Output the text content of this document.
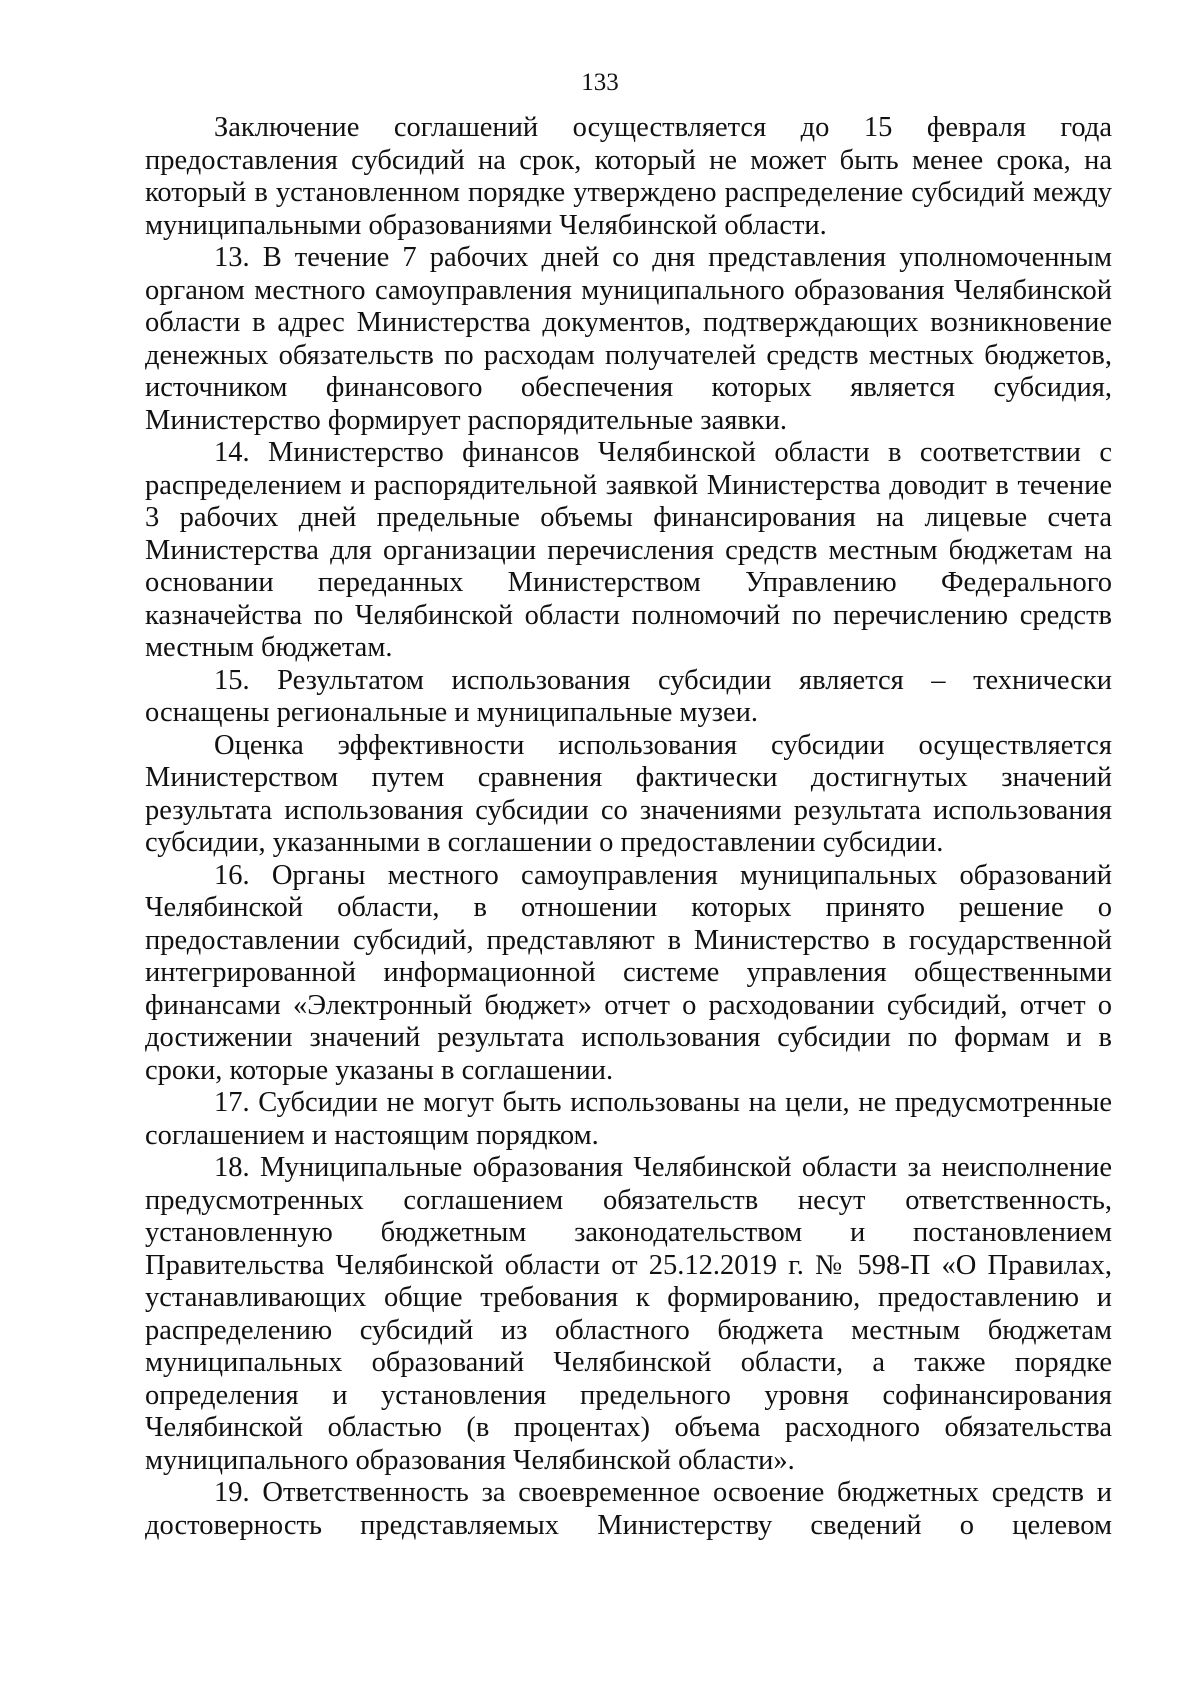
133

Заключение соглашений осуществляется до 15 февраля года предоставления субсидий на срок, который не может быть менее срока, на который в установленном порядке утверждено распределение субсидий между муниципальными образованиями Челябинской области.

13. В течение 7 рабочих дней со дня представления уполномоченным органом местного самоуправления муниципального образования Челябинской области в адрес Министерства документов, подтверждающих возникновение денежных обязательств по расходам получателей средств местных бюджетов, источником финансового обеспечения которых является субсидия, Министерство формирует распорядительные заявки.

14. Министерство финансов Челябинской области в соответствии с распределением и распорядительной заявкой Министерства доводит в течение 3 рабочих дней предельные объемы финансирования на лицевые счета Министерства для организации перечисления средств местным бюджетам на основании переданных Министерством Управлению Федерального казначейства по Челябинской области полномочий по перечислению средств местным бюджетам.

15. Результатом использования субсидии является – технически оснащены региональные и муниципальные музеи.

Оценка эффективности использования субсидии осуществляется Министерством путем сравнения фактически достигнутых значений результата использования субсидии со значениями результата использования субсидии, указанными в соглашении о предоставлении субсидии.

16. Органы местного самоуправления муниципальных образований Челябинской области, в отношении которых принято решение о предоставлении субсидий, представляют в Министерство в государственной интегрированной информационной системе управления общественными финансами «Электронный бюджет» отчет о расходовании субсидий, отчет о достижении значений результата использования субсидии по формам и в сроки, которые указаны в соглашении.

17. Субсидии не могут быть использованы на цели, не предусмотренные соглашением и настоящим порядком.

18. Муниципальные образования Челябинской области за неисполнение предусмотренных соглашением обязательств несут ответственность, установленную бюджетным законодательством и постановлением Правительства Челябинской области от 25.12.2019 г. № 598-П «О Правилах, устанавливающих общие требования к формированию, предоставлению и распределению субсидий из областного бюджета местным бюджетам муниципальных образований Челябинской области, а также порядке определения и установления предельного уровня софинансирования Челябинской областью (в процентах) объема расходного обязательства муниципального образования Челябинской области».

19. Ответственность за своевременное освоение бюджетных средств и достоверность представляемых Министерству сведений о целевом
